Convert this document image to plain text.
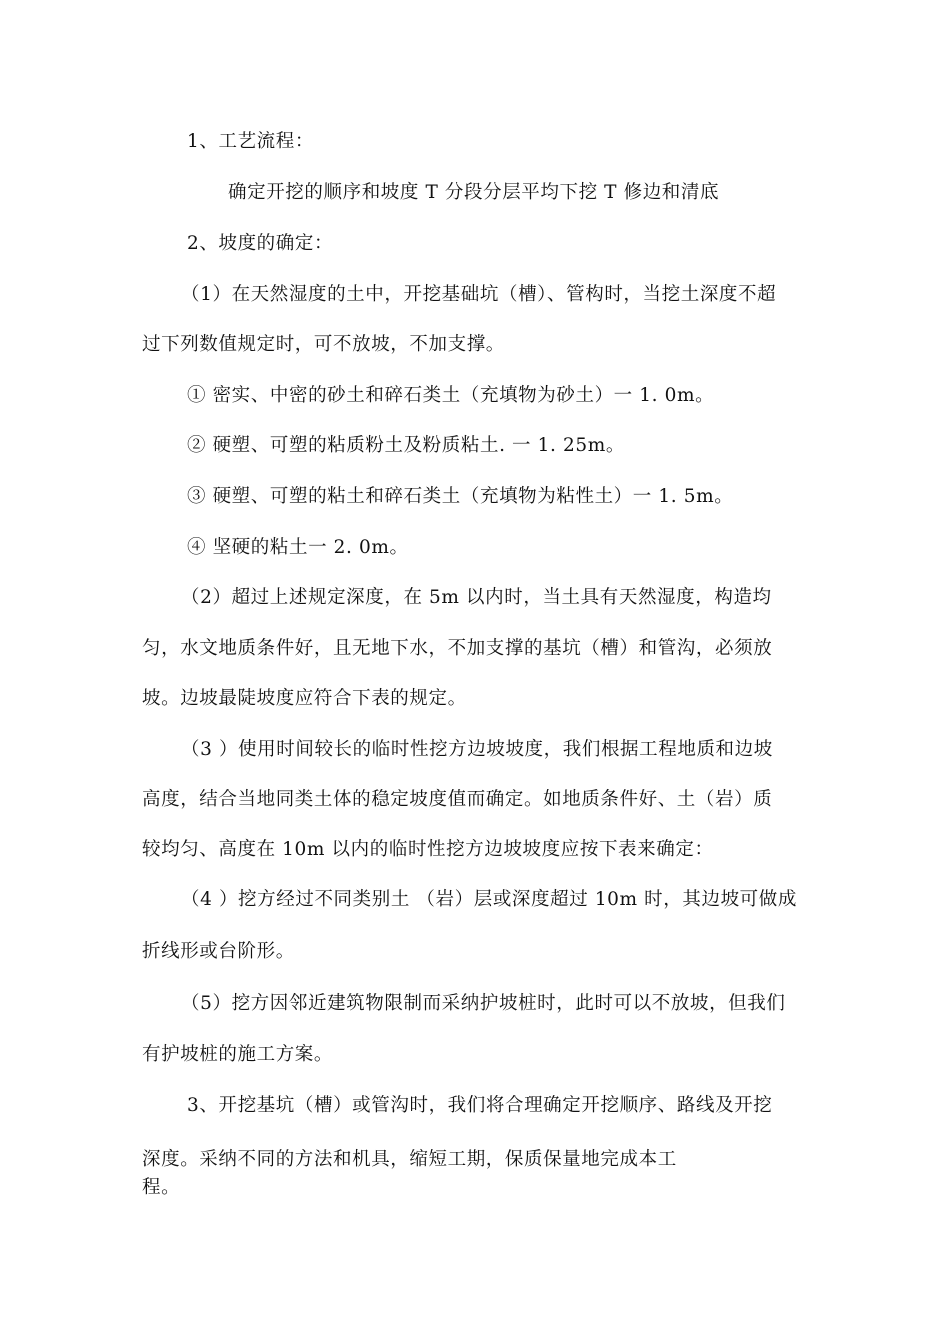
1、工艺流程：
确定开挖的顺序和坡度 T 分段分层平均下挖 T 修边和清底
2、坡度的确定：
（1）在天然湿度的土中，开挖基础坑（槽）、管构时，当挖土深度不超
过下列数值规定时，可不放坡，不加支撑。
① 密实、中密的砂土和碎石类土（充填物为砂土）一 1. 0m。
② 硬塑、可塑的粘质粉土及粉质粘土. 一 1. 25m。
③ 硬塑、可塑的粘土和碎石类土（充填物为粘性土）一 1. 5m。
④ 坚硬的粘土一 2. 0m。
（2）超过上述规定深度，在 5m 以内时，当土具有天然湿度，构造均
匀，水文地质条件好，且无地下水，不加支撑的基坑（槽）和管沟，必须放
坡。边坡最陡坡度应符合下表的规定。
（3 ）使用时间较长的临时性挖方边坡坡度，我们根据工程地质和边坡
高度，结合当地同类土体的稳定坡度值而确定。如地质条件好、土（岩）质
较均匀、高度在 10m 以内的临时性挖方边坡坡度应按下表来确定：
（4 ）挖方经过不同类别土 （岩）层或深度超过 10m 时，其边坡可做成
折线形或台阶形。
（5）挖方因邻近建筑物限制而采纳护坡桩时，此时可以不放坡，但我们
有护坡桩的施工方案。
3、开挖基坑（槽）或管沟时，我们将合理确定开挖顺序、路线及开挖
深度。采纳不同的方法和机具，缩短工期，保质保量地完成本工
程。
